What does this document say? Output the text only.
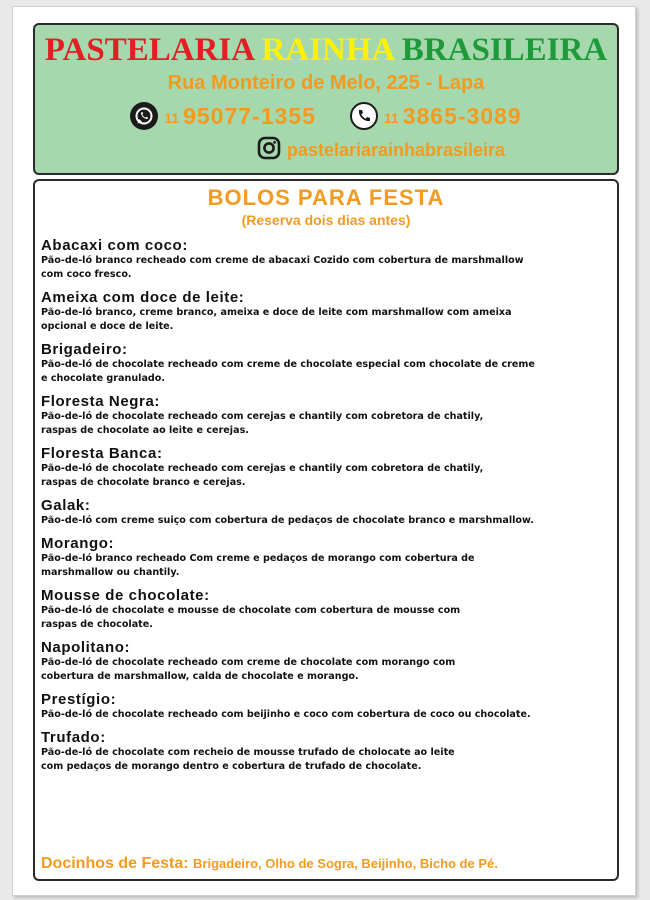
PASTELARIA RAINHA BRASILEIRA
Rua Monteiro de Melo, 225 - Lapa
11 95077-1355	11 3865-3089
pastelariarainhabrasileira
BOLOS PARA FESTA
(Reserva dois dias antes)
Abacaxi com coco:
Pão-de-ló branco recheado com creme de abacaxi Cozido com cobertura de marshmallow
com coco fresco.
Ameixa com doce de leite:
Pão-de-ló branco, creme branco, ameixa e doce de leite com marshmallow com ameixa
opcional e doce de leite.
Brigadeiro:
Pão-de-ló de chocolate recheado com creme de chocolate especial com chocolate de creme
e chocolate granulado.
Floresta Negra:
Pão-de-ló de chocolate recheado com cerejas e chantily com cobretora de chatily,
raspas de chocolate ao leite e cerejas.
Floresta Banca:
Pão-de-ló de chocolate recheado com cerejas e chantily com cobretora de chatily,
raspas de chocolate branco e cerejas.
Galak:
Pão-de-ló com creme suiço com cobertura de pedaços de chocolate branco e marshmallow.
Morango:
Pão-de-ló branco recheado Com creme e pedaços de morango com cobertura de
marshmallow ou chantily.
Mousse de chocolate:
Pão-de-ló de chocolate e mousse de chocolate com cobertura de mousse com
raspas de chocolate.
Napolitano:
Pão-de-ló de chocolate recheado com creme de chocolate com morango com
cobertura de marshmallow, calda de chocolate e morango.
Prestígio:
Pão-de-ló de chocolate recheado com beijinho e coco com cobertura de coco ou chocolate.
Trufado:
Pão-de-ló de chocolate com recheio de mousse trufado de cholocate ao leite
com pedaços de morango dentro e cobertura de trufado de chocolate.
Docinhos de Festa: Brigadeiro, Olho de Sogra, Beijinho, Bicho de Pé.
